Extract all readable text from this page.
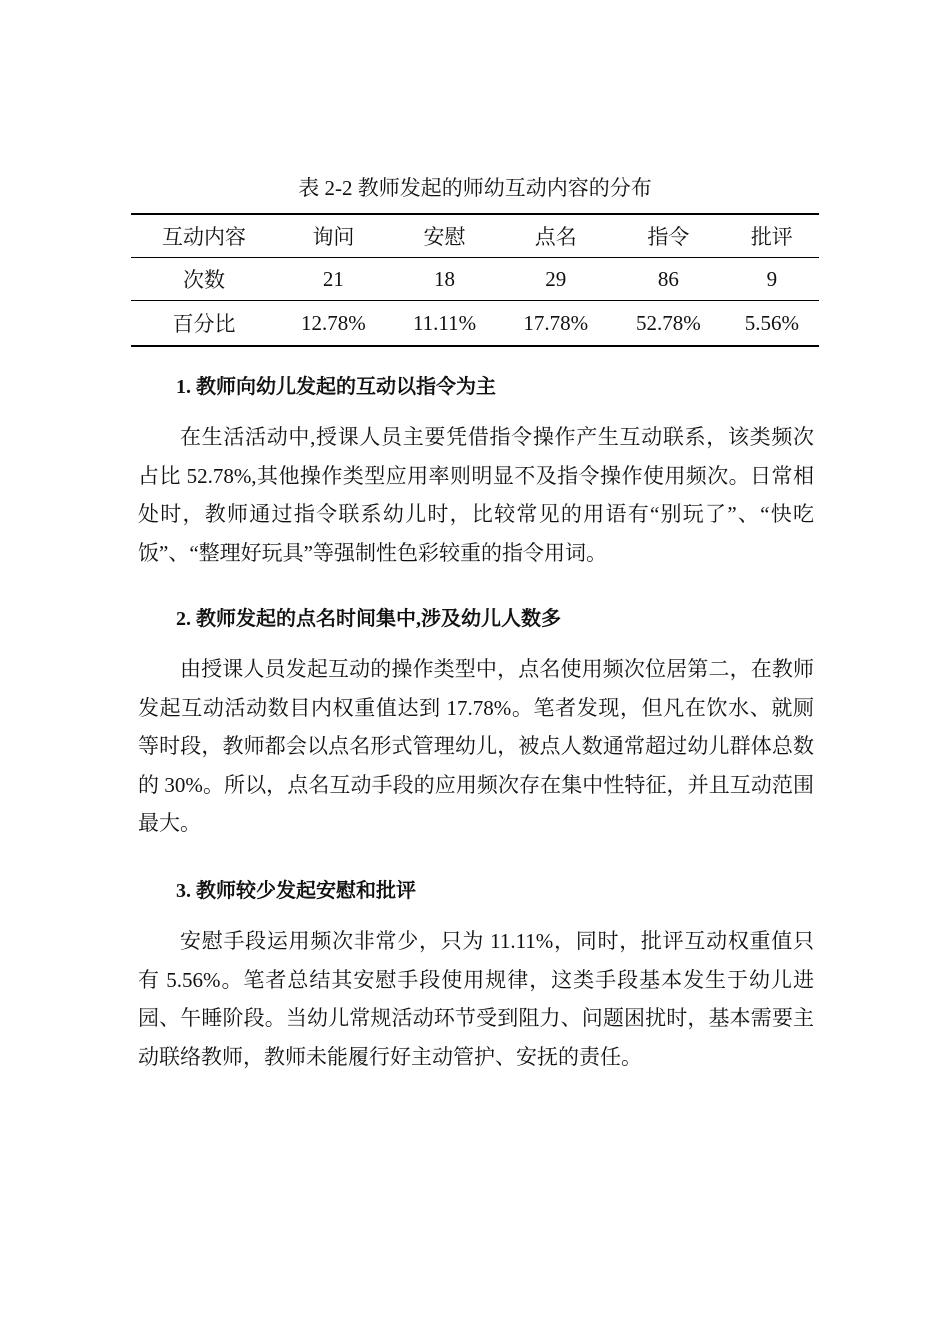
表 2-2 教师发起的师幼互动内容的分布
互动内容	询问	安慰	点名	指令	批评
次数	21	18	29	86	9
百分比	12.78%	11.11%	17.78%	52.78%	5.56%
1. 教师向幼儿发起的互动以指令为主

在生活活动中,授课人员主要凭借指令操作产生互动联系，该类频次占比 52.78%,其他操作类型应用率则明显不及指令操作使用频次。日常相处时，教师通过指令联系幼儿时，比较常见的用语有“别玩了”、“快吃饭”、“整理好玩具”等强制性色彩较重的指令用词。

2. 教师发起的点名时间集中,涉及幼儿人数多

由授课人员发起互动的操作类型中，点名使用频次位居第二，在教师发起互动活动数目内权重值达到 17.78%。笔者发现，但凡在饮水、就厕等时段，教师都会以点名形式管理幼儿，被点人数通常超过幼儿群体总数的 30%。所以，点名互动手段的应用频次存在集中性特征，并且互动范围最大。

3. 教师较少发起安慰和批评

安慰手段运用频次非常少，只为 11.11%，同时，批评互动权重值只有 5.56%。笔者总结其安慰手段使用规律，这类手段基本发生于幼儿进园、午睡阶段。当幼儿常规活动环节受到阻力、问题困扰时，基本需要主动联络教师，教师未能履行好主动管护、安抚的责任。
